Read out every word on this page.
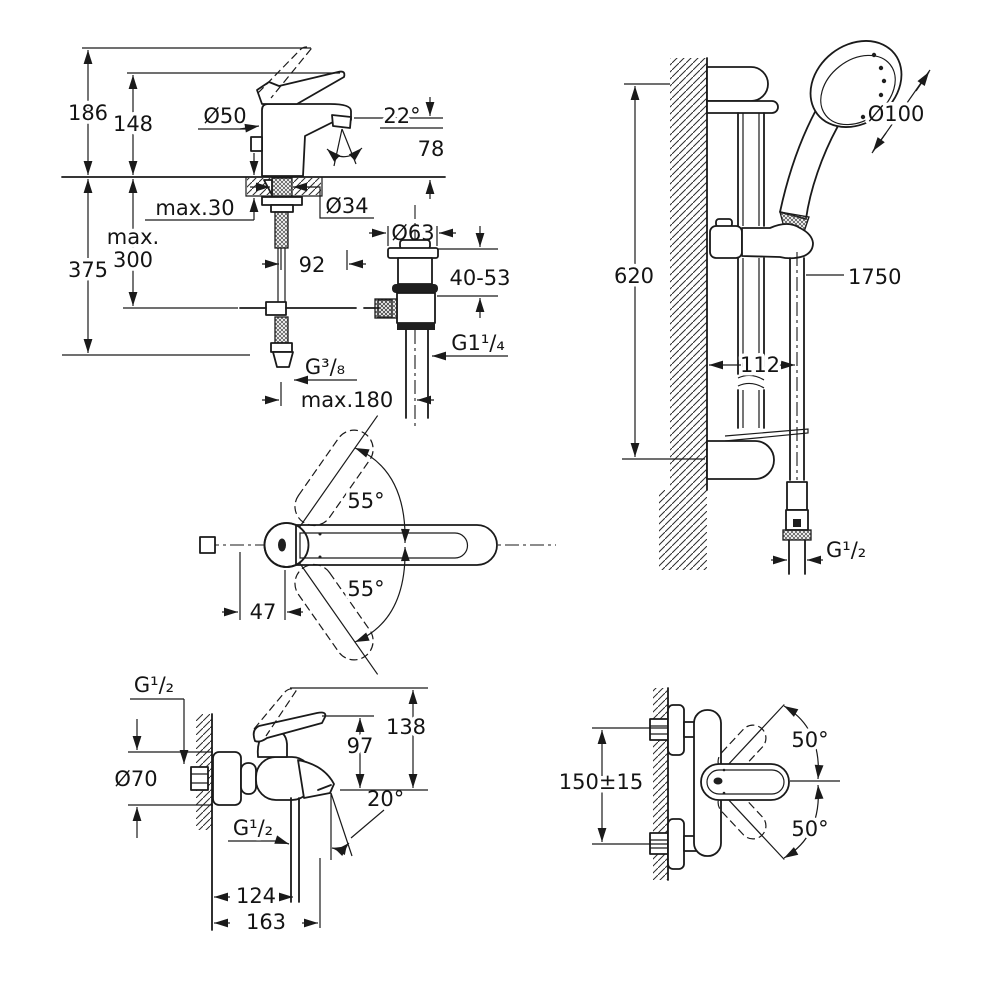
186 148 Ø50	22°
78
max.30	Ø34
max.
300
375	92
Ø63
40-53
G1¹/₄
G³/₈
max.180
620
Ø100
112
1750
G¹/₂
55°
55°
47
G¹/₂
Ø70
97
138
20°
G¹/₂
124
163
150±15
50°
50°
